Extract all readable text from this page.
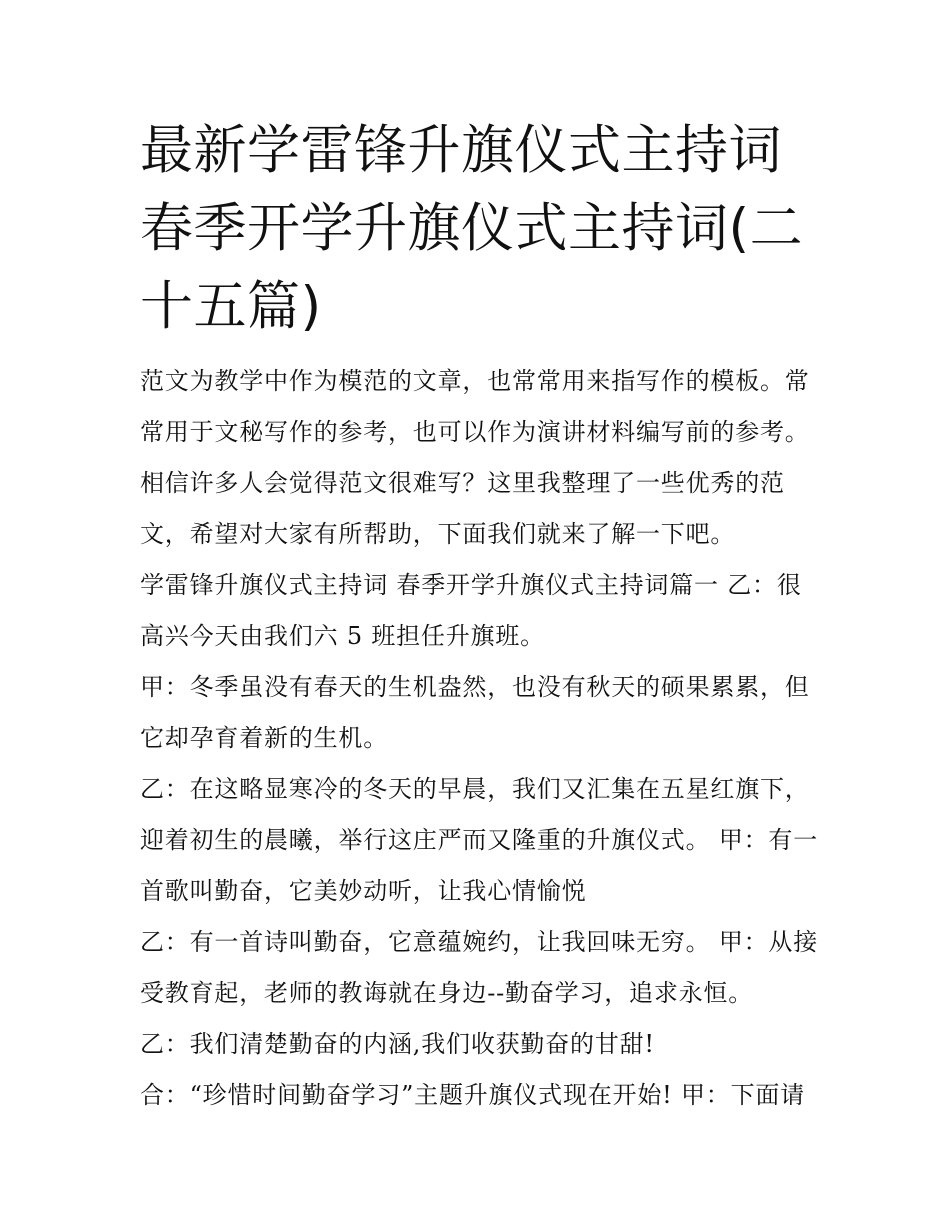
最新学雷锋升旗仪式主持词 春季开学升旗仪式主持词(二十五篇)

范文为教学中作为模范的文章，也常常用来指写作的模板。常常用于文秘写作的参考，也可以作为演讲材料编写前的参考。相信许多人会觉得范文很难写？这里我整理了一些优秀的范文，希望对大家有所帮助，下面我们就来了解一下吧。

学雷锋升旗仪式主持词 春季开学升旗仪式主持词篇一 乙：很高兴今天由我们六 5 班担任升旗班。

甲：冬季虽没有春天的生机盎然，也没有秋天的硕果累累，但它却孕育着新的生机。

乙：在这略显寒冷的冬天的早晨，我们又汇集在五星红旗下，迎着初生的晨曦，举行这庄严而又隆重的升旗仪式。 甲：有一首歌叫勤奋，它美妙动听，让我心情愉悦

乙：有一首诗叫勤奋，它意蕴婉约，让我回味无穷。 甲：从接受教育起，老师的教诲就在身边--勤奋学习，追求永恒。

乙：我们清楚勤奋的内涵,我们收获勤奋的甘甜!

合：“珍惜时间勤奋学习”主题升旗仪式现在开始! 甲：下面请
